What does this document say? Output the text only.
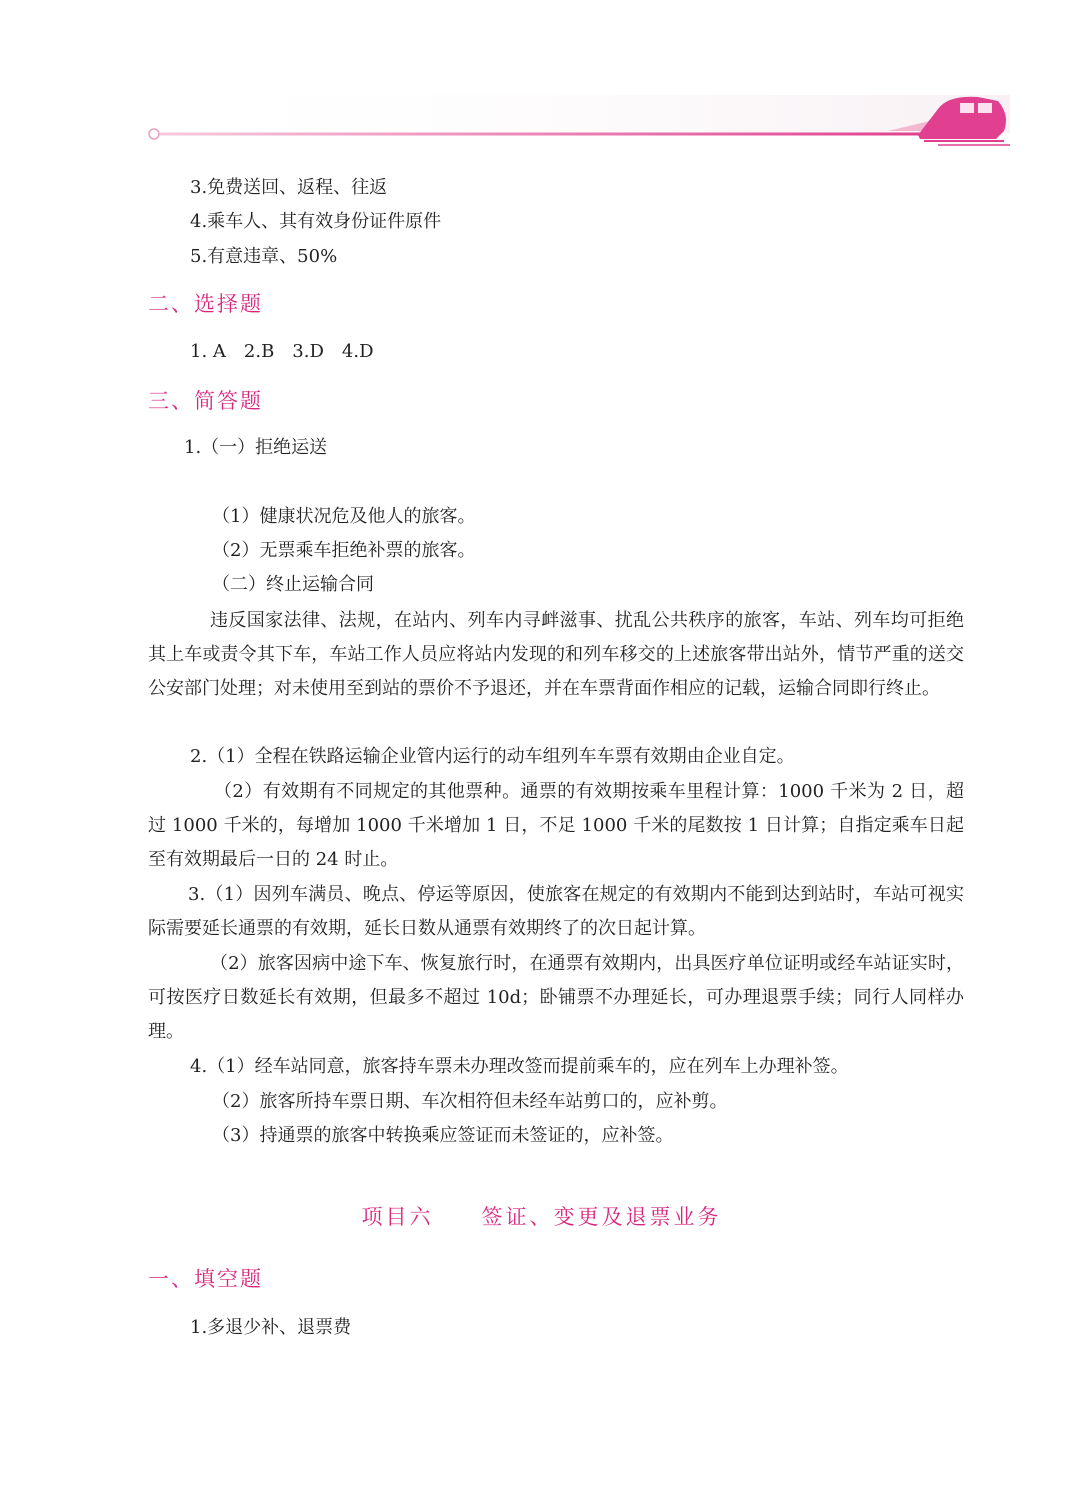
3.免费送回、返程、往返
4.乘车人、其有效身份证件原件
5.有意违章、50%
二、选择题
1. A　2.B　3.D　4.D
三、简答题
1.（一）拒绝运送
（1）健康状况危及他人的旅客。
（2）无票乘车拒绝补票的旅客。
（二）终止运输合同
违反国家法律、法规，在站内、列车内寻衅滋事、扰乱公共秩序的旅客，车站、列车均可拒绝其上车或责令其下车，车站工作人员应将站内发现的和列车移交的上述旅客带出站外，情节严重的送交公安部门处理；对未使用至到站的票价不予退还，并在车票背面作相应的记载，运输合同即行终止。
2.（1）全程在铁路运输企业管内运行的动车组列车车票有效期由企业自定。
（2）有效期有不同规定的其他票种。通票的有效期按乘车里程计算：1000 千米为 2 日，超过 1000 千米的，每增加 1000 千米增加 1 日，不足 1000 千米的尾数按 1 日计算；自指定乘车日起至有效期最后一日的 24 时止。
3.（1）因列车满员、晚点、停运等原因，使旅客在规定的有效期内不能到达到站时，车站可视实际需要延长通票的有效期，延长日数从通票有效期终了的次日起计算。
（2）旅客因病中途下车、恢复旅行时，在通票有效期内，出具医疗单位证明或经车站证实时，可按医疗日数延长有效期，但最多不超过 10d；卧铺票不办理延长，可办理退票手续；同行人同样办理。
4.（1）经车站同意，旅客持车票未办理改签而提前乘车的，应在列车上办理补签。
（2）旅客所持车票日期、车次相符但未经车站剪口的，应补剪。
（3）持通票的旅客中转换乘应签证而未签证的，应补签。
项目六　　签证、变更及退票业务
一、填空题
1.多退少补、退票费
